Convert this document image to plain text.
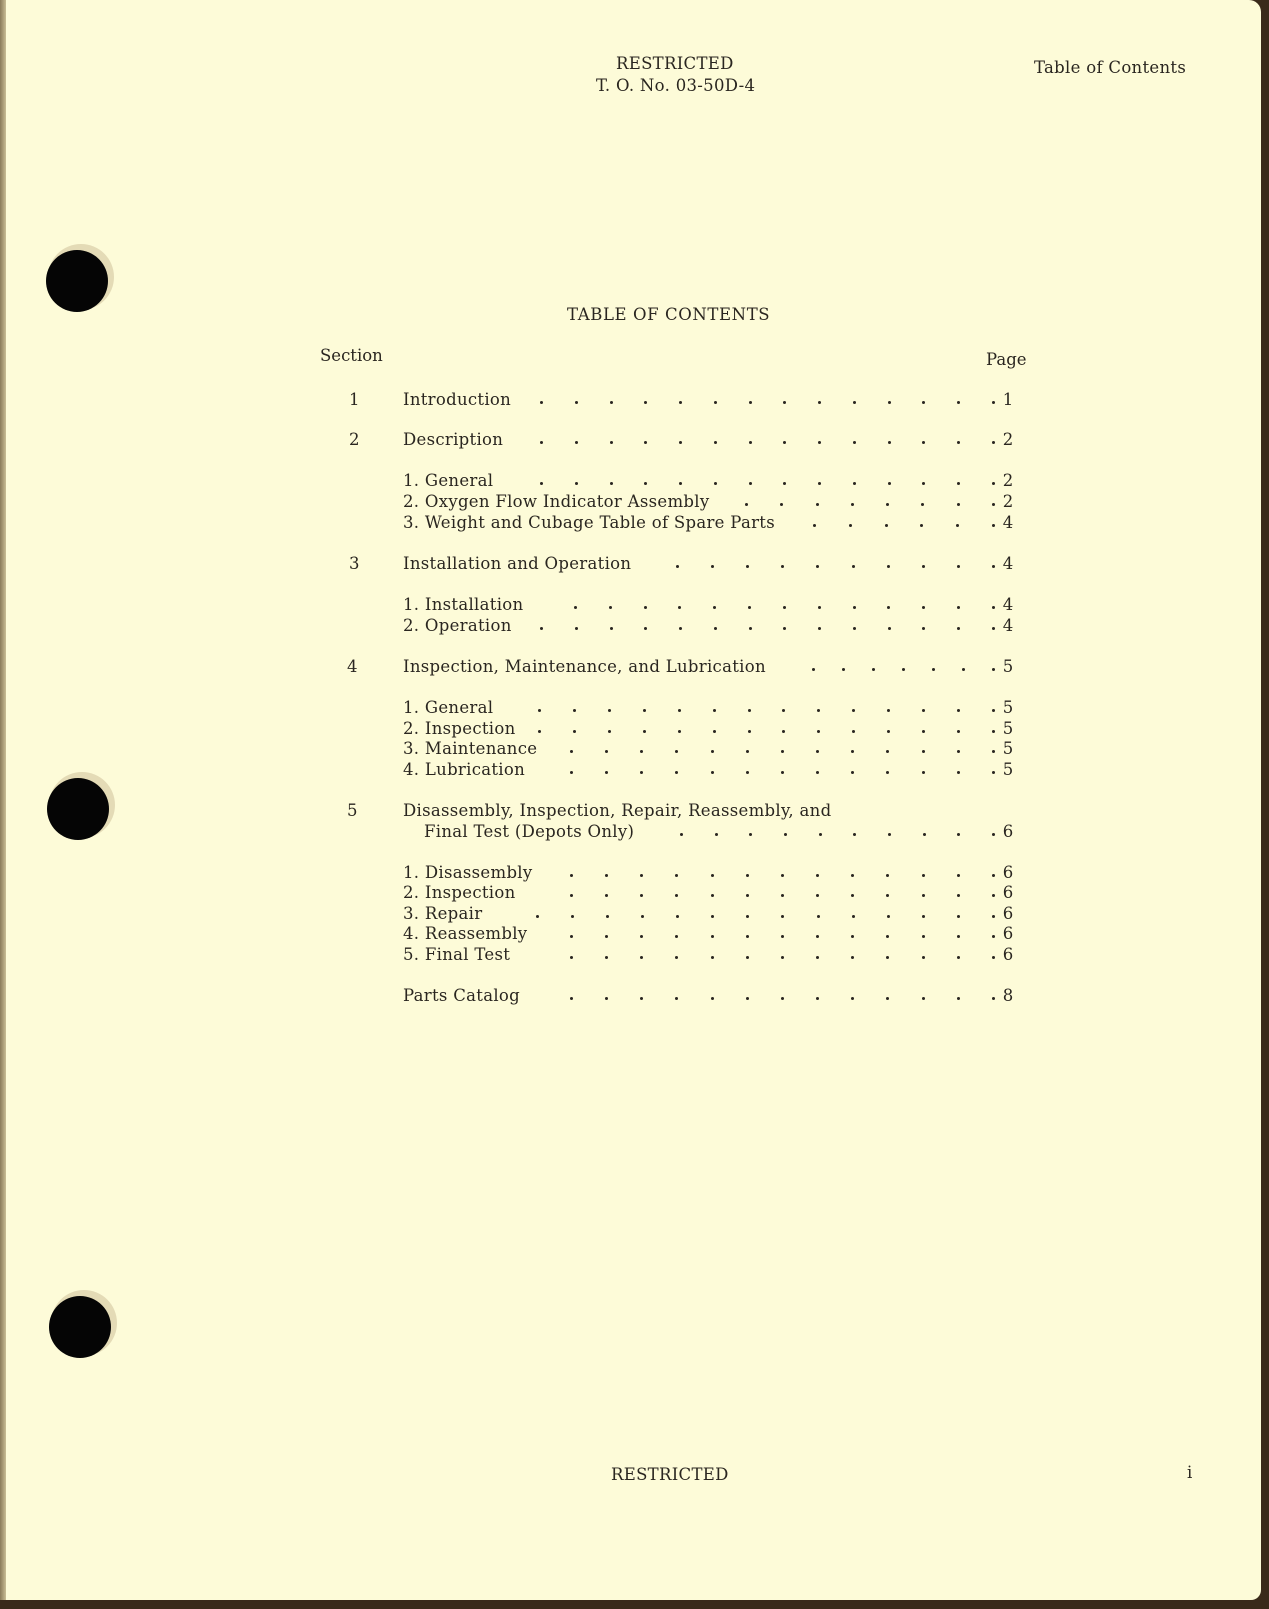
RESTRICTED
T. O. No. 03-50D-4
Table of Contents
TABLE OF CONTENTS
Section	Page
1	Introduction	1
2	Description	2
1. General	2
2. Oxygen Flow Indicator Assembly	2
3. Weight and Cubage Table of Spare Parts	4
3	Installation and Operation	4
1. Installation	4
2. Operation	4
4	Inspection, Maintenance, and Lubrication	5
1. General	5
2. Inspection	5
3. Maintenance	5
4. Lubrication	5
5	Disassembly, Inspection, Repair, Reassembly, and
Final Test (Depots Only)	6
1. Disassembly	6
2. Inspection	6
3. Repair	6
4. Reassembly	6
5. Final Test	6
Parts Catalog	8
RESTRICTED	i
